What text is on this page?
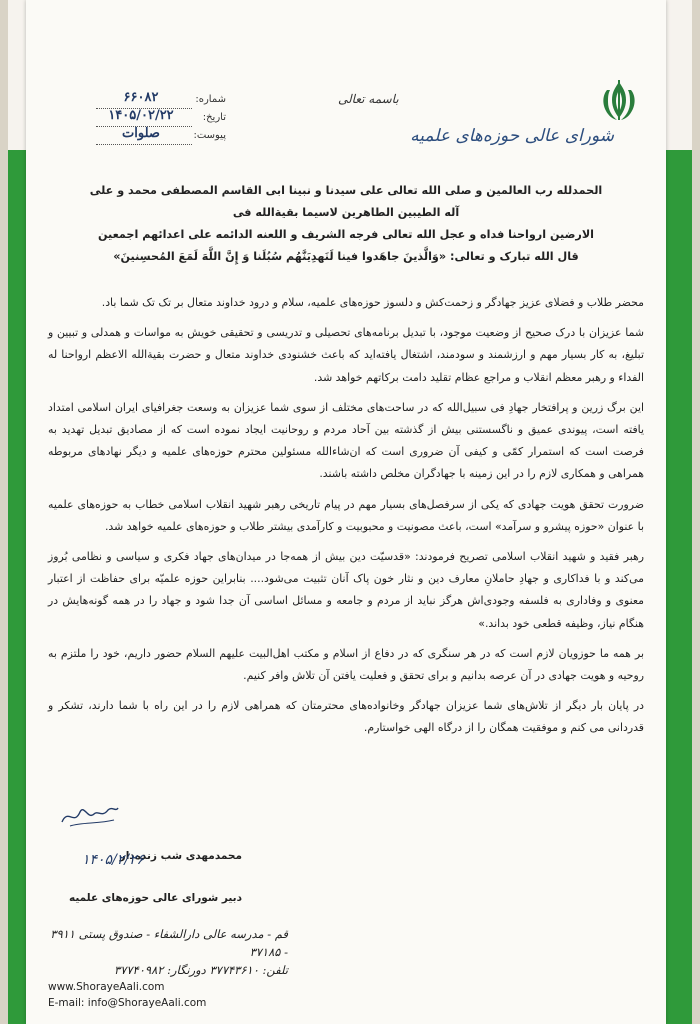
شورای عالی حوزه‌های علمیه
باسمه تعالی
شماره:
۶۶۰۸۲
تاریخ:
۱۴۰۵/۰۲/۲۲
پیوست:
صلوات
الحمدلله رب العالمین و صلی الله تعالی علی سیدنا و نبینا ابی القاسم المصطفی محمد و علی آله الطیبین الطاهرین لاسیما بقیةالله فی
الارضین ارواحنا فداه و عجل الله تعالی فرجه الشریف و اللعنه الدائمه علی اعدائهم اجمعین
قال الله تبارک و تعالی: «وَالَّذینَ جاهَدوا فینا لَنَهدِیَنَّهُم سُبُلَنا وَ إِنَّ اللَّهَ لَمَعَ المُحسِنینَ»

محضر طلاب و فضلای عزیز جهادگر و زحمت‌کش و دلسوز حوزه‌های علمیه، سلام و درود خداوند متعال بر تک تک شما باد.

شما عزیزان با درک صحیح از وضعیت موجود، با تبدیل برنامه‌های تحصیلی و تدریسی و تحقیقی خویش به مواسات و همدلی و تبیین و تبلیغ، به کار بسیار مهم و ارزشمند و سودمند، اشتغال یافته‌اید که باعث خشنودی خداوند متعال و حضرت بقیةالله الاعظم ارواحنا له الفداء و رهبر معظم انقلاب و مراجع عظام تقلید دامت برکاتهم خواهد شد.

این برگ زرین و پرافتخار جهادِ فی سبیل‌الله که در ساحت‌های مختلف از سوی شما عزیزان به وسعت جغرافیای ایران اسلامی امتداد یافته است، پیوندی عمیق و ناگسستنی بیش از گذشته بین آحاد مردم و روحانیت ایجاد نموده است که از مصادیق تبدیل تهدید به فرصت است که استمرار کمّی و کیفی آن ضروری است که ان‌شاءالله مسئولین محترم حوزه‌های علمیه و دیگر نهادهای مربوطه همراهی و همکاری لازم را در این زمینه با جهادگران مخلص داشته باشند.

ضرورت تحقق هویت جهادی که یکی از سرفصل‌های بسیار مهم در پیام تاریخی رهبر شهید انقلاب اسلامی خطاب به حوزه‌های علمیه با عنوان «حوزه پیشرو و سرآمد» است، باعث مصونیت و محبوبیت و کارآمدی بیشتر طلاب و حوزه‌های علمیه خواهد شد.

رهبر فقید و شهید انقلاب اسلامی تصریح فرمودند: «قدسیّت دین بیش از همه‌جا در میدان‌های جهاد فکری و سیاسی و نظامی بُروز می‌کند و با فداکاری و جهادِ حاملانِ معارف دین و نثار خون پاک آنان تثبیت می‌شود.... بنابراین حوزه علمیّه برای حفاظت از اعتبار معنوی و وفاداری به فلسفه وجودی‌اش هرگز نباید از مردم و جامعه و مسائل اساسی آن جدا شود و جهاد را در همه گونه‌هایش در هنگام نیاز، وظیفه قطعی خود بداند.»

بر همه ما حوزویان لازم است که در هر سنگری که در دفاع از اسلام و مکتب اهل‌البیت علیهم السلام حضور داریم، خود را ملتزم به روحیه و هویت جهادی در آن عرصه بدانیم و برای تحقق و فعلیت یافتن آن تلاش وافر کنیم.

در پایان بار دیگر از تلاش‌های شما عزیزان جهادگر وخانواده‌های محترمتان که همراهی لازم را در این راه با شما دارند، تشکر و قدردانی می کنم و موفقیت همگان را از درگاه الهی خواستارم.

محمدمهدی شب زنده‌دار
دبیر شورای عالی حوزه‌های علمیه
۱۴۰۵/۲/۲۶
قم - مدرسه عالی دارالشفاء - صندوق پستی ۳۹۱۱ - ۳۷۱۸۵
تلفن: ۳۷۷۴۳۶۱۰ دورنگار: ۳۷۷۴۰۹۸۲
www.ShorayeAali.com
E-mail: info@ShorayeAali.com
